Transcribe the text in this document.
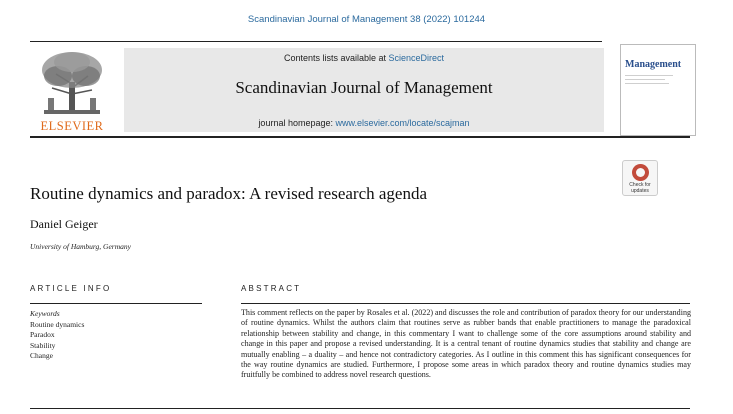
Scandinavian Journal of Management 38 (2022) 101244
ELSEVIER
Contents lists available at ScienceDirect
Scandinavian Journal of Management
journal homepage: www.elsevier.com/locate/scajman
Management
Check for
updates
Routine dynamics and paradox: A revised research agenda
Daniel Geiger
University of Hamburg, Germany
ARTICLE INFO	ABSTRACT
Keywords
Routine dynamics
Paradox
Stability
Change
This comment reflects on the paper by Rosales et al. (2022) and discusses the role and contribution of paradox theory for our understanding of routine dynamics. Whilst the authors claim that routines serve as rubber bands that enable practitioners to manage the paradoxical relationship between stability and change, in this commentary I want to challenge some of the core assumptions around stability and change in this paper and propose a revised understanding. It is a central tenant of routine dynamics studies that stability and change are mutually enabling – a duality – and hence not contradictory categories. As I outline in this comment this has significant consequences for the way routine dynamics are studied. Furthermore, I propose some areas in which paradox theory and routine dynamics studies may fruitfully be combined to address novel research questions.
